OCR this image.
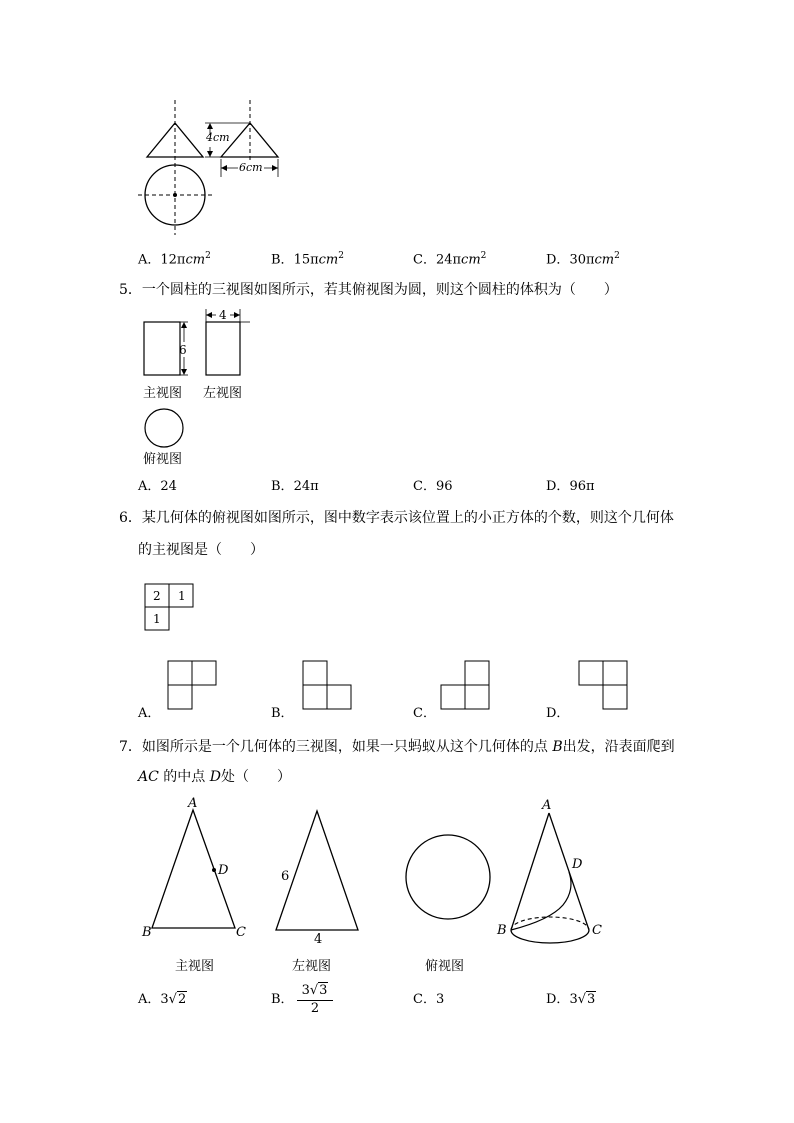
4cm
6cm
A．12πcm$^2$	B．15πcm$^2$	C．24πcm$^2$	D．30πcm$^2$
5．一个圆柱的三视图如图所示，若其俯视图为圆，则这个圆柱的体积为（　　）
6
4
主视图 左视图
俯视图
A．24	B．24π	C．96	D．96π
6．某几何体的俯视图如图所示，图中数字表示该位置上的小正方体的个数，则这个几何体
的主视图是（　　）
2 1
1
A．	B．	C．	D．
7．如图所示是一个几何体的三视图，如果一只蚂蚁从这个几何体的点 B出发，沿表面爬到
AC 的中点 D处（　　）
A
D
B	C
主视图
6
4
左视图	俯视图
A
D
B	C
A．3√2	B．
3√3
2
C．3	D．3√3
